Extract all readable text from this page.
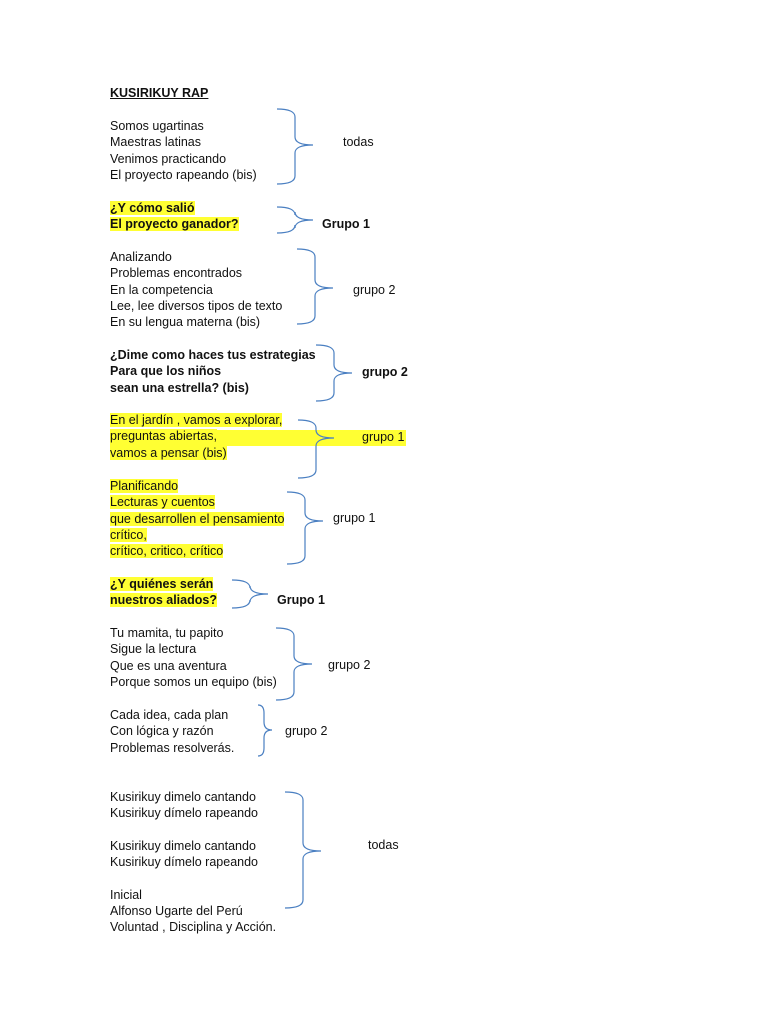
KUSIRIKUY RAP
Somos ugartinas
Maestras latinas
Venimos practicando
El proyecto rapeando (bis)
todas
¿Y cómo salió
El proyecto ganador?	Grupo 1
Analizando
Problemas encontrados
En la competencia
Lee, lee diversos tipos de texto
En su lengua materna (bis)
grupo 2
¿Dime como haces tus estrategias
Para que los niños
sean una estrella? (bis)
grupo 2
En el jardín , vamos a explorar,
preguntas abiertas,
vamos a pensar (bis)
grupo 1
Planificando
Lecturas y cuentos
que desarrollen el pensamiento
crítico,
crítico, critico, crítico
grupo 1
¿Y quiénes serán
nuestros aliados?	Grupo 1
Tu mamita, tu papito
Sigue la lectura
Que es una aventura
Porque somos un equipo (bis)
grupo 2
Cada idea, cada plan
Con lógica y razón
Problemas resolverás.
grupo 2
Kusirikuy dimelo cantando
Kusirikuy dímelo rapeando
Kusirikuy dimelo cantando
Kusirikuy dímelo rapeando
Inicial
Alfonso Ugarte del Perú
Voluntad , Disciplina y Acción.
todas
